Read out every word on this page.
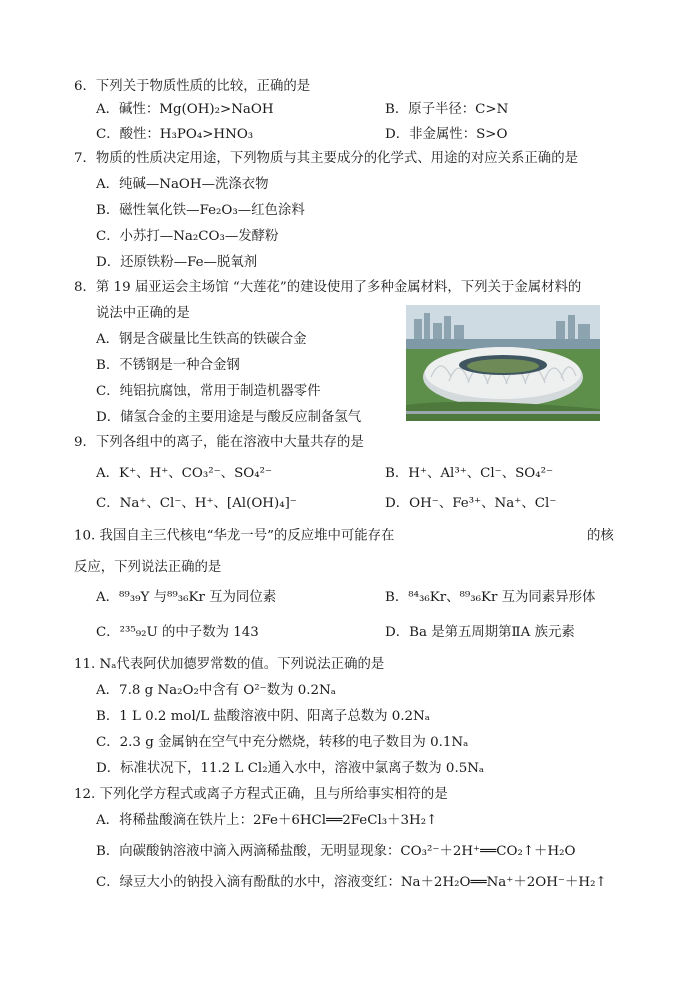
6．下列关于物质性质的比较，正确的是
A．碱性：Mg(OH)₂>NaOH	B．原子半径：C>N
C．酸性：H₃PO₄>HNO₃	D．非金属性：S>O
7．物质的性质决定用途，下列物质与其主要成分的化学式、用途的对应关系正确的是
A．纯碱—NaOH—洗涤衣物
B．磁性氧化铁—Fe₂O₃—红色涂料
C．小苏打—Na₂CO₃—发酵粉
D．还原铁粉—Fe—脱氧剂
8．第 19 届亚运会主场馆 “大莲花”的建设使用了多种金属材料，下列关于金属材料的
说法中正确的是
A．钢是含碳量比生铁高的铁碳合金
B．不锈钢是一种合金钢
C．纯铝抗腐蚀，常用于制造机器零件
D．储氢合金的主要用途是与酸反应制备氢气
9．下列各组中的离子，能在溶液中大量共存的是
A．K⁺、H⁺、CO₃²⁻、SO₄²⁻	B．H⁺、Al³⁺、Cl⁻、SO₄²⁻
C．Na⁺、Cl⁻、H⁺、[Al(OH)₄]⁻	D．OH⁻、Fe³⁺、Na⁺、Cl⁻
10. 我国自主三代核电“华龙一号”的反应堆中可能存在	的核
反应，下列说法正确的是
A．⁸⁹₃₉Y 与⁸⁹₃₆Kr 互为同位素	B．⁸⁴₃₆Kr、⁸⁹₃₆Kr 互为同素异形体
C．²³⁵₉₂U 的中子数为 143	D．Ba 是第五周期第ⅡA 族元素
11. Nₐ代表阿伏加德罗常数的值。下列说法正确的是
A．7.8 g Na₂O₂中含有 O²⁻数为 0.2Nₐ
B．1 L 0.2 mol/L 盐酸溶液中阴、阳离子总数为 0.2Nₐ
C．2.3 g 金属钠在空气中充分燃烧，转移的电子数目为 0.1Nₐ
D．标准状况下，11.2 L Cl₂通入水中，溶液中氯离子数为 0.5Nₐ
12. 下列化学方程式或离子方程式正确，且与所给事实相符的是
A．将稀盐酸滴在铁片上：2Fe＋6HCl══2FeCl₃＋3H₂↑
B．向碳酸钠溶液中滴入两滴稀盐酸，无明显现象：CO₃²⁻＋2H⁺══CO₂↑＋H₂O
C．绿豆大小的钠投入滴有酚酞的水中，溶液变红：Na＋2H₂O══Na⁺＋2OH⁻＋H₂↑
